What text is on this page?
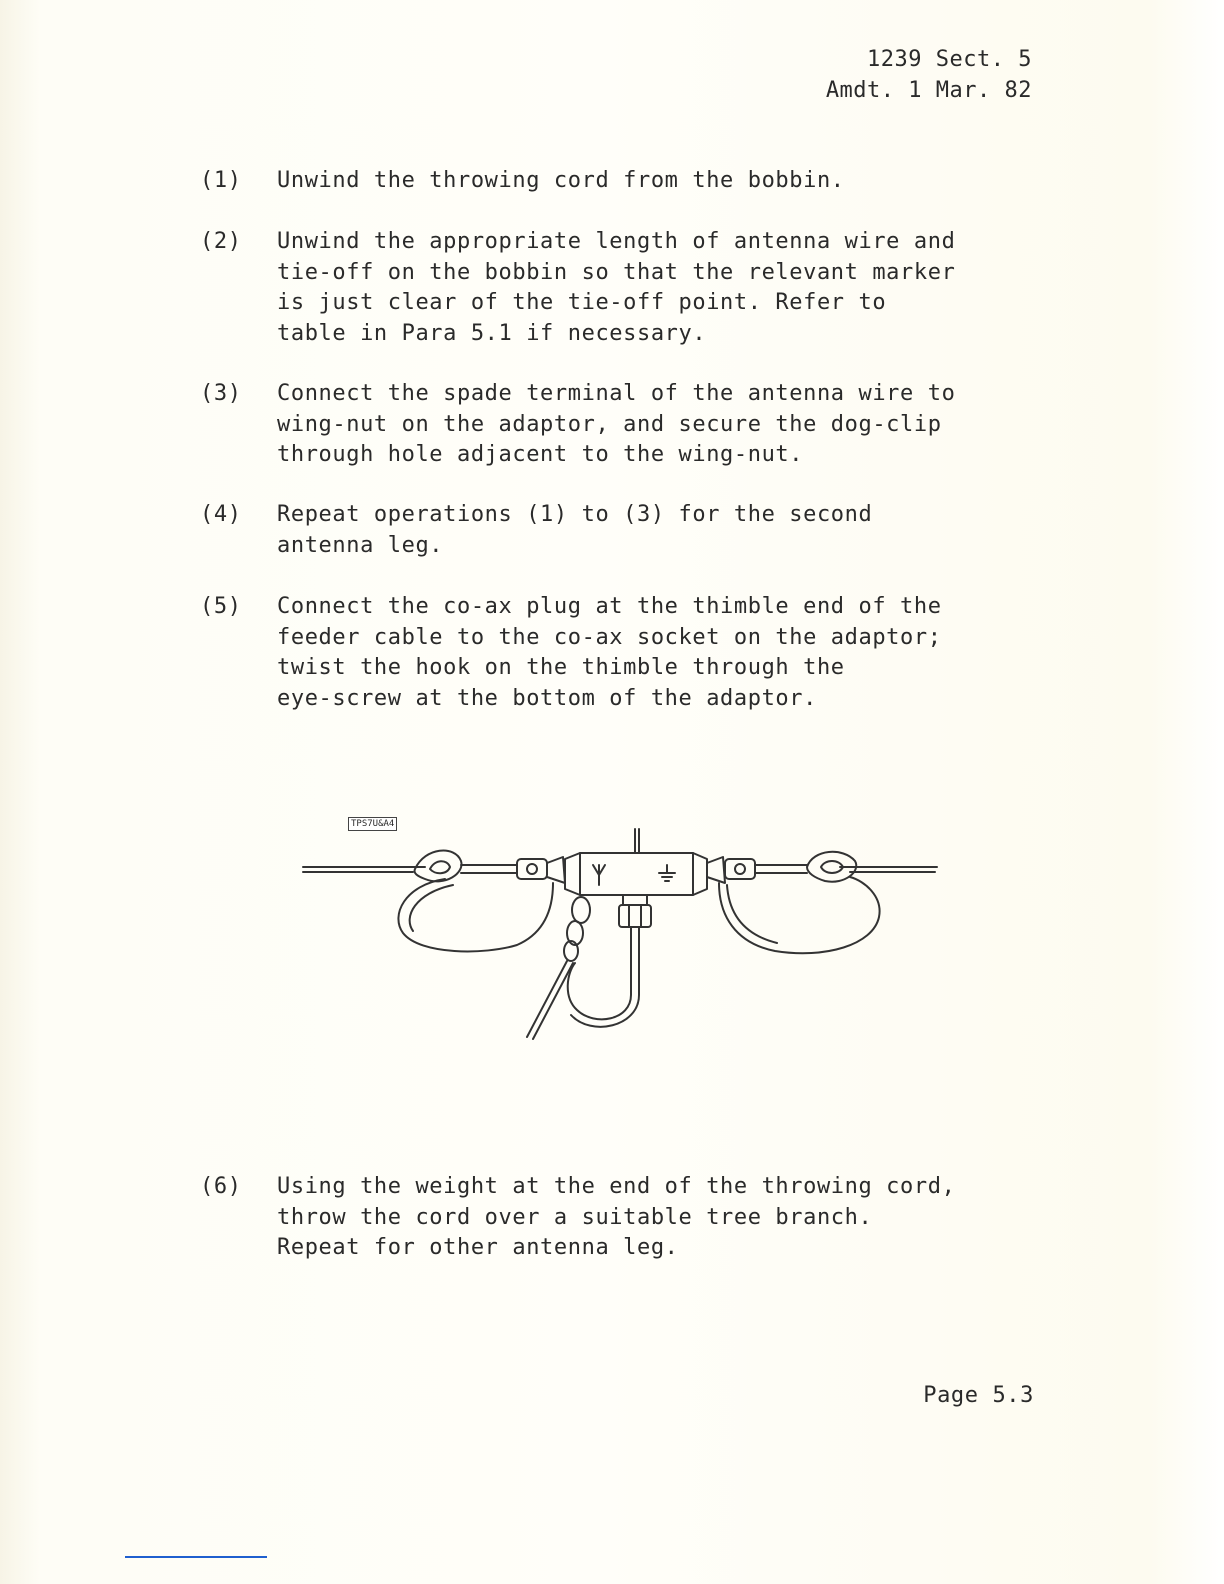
1239 Sect. 5
Amdt. 1 Mar. 82
(1) Unwind the throwing cord from the bobbin.
(2) Unwind the appropriate length of antenna wire and
tie-off on the bobbin so that the relevant marker
is just clear of the tie-off point. Refer to
table in Para 5.1 if necessary.
(3) Connect the spade terminal of the antenna wire to
wing-nut on the adaptor, and secure the dog-clip
through hole adjacent to the wing-nut.
(4) Repeat operations (1) to (3) for the second
antenna leg.
(5) Connect the co-ax plug at the thimble end of the
feeder cable to the co-ax socket on the adaptor;
twist the hook on the thimble through the
eye-screw at the bottom of the adaptor.
TPS7U&A4
(6) Using the weight at the end of the throwing cord,
throw the cord over a suitable tree branch.
Repeat for other antenna leg.
Page 5.3
